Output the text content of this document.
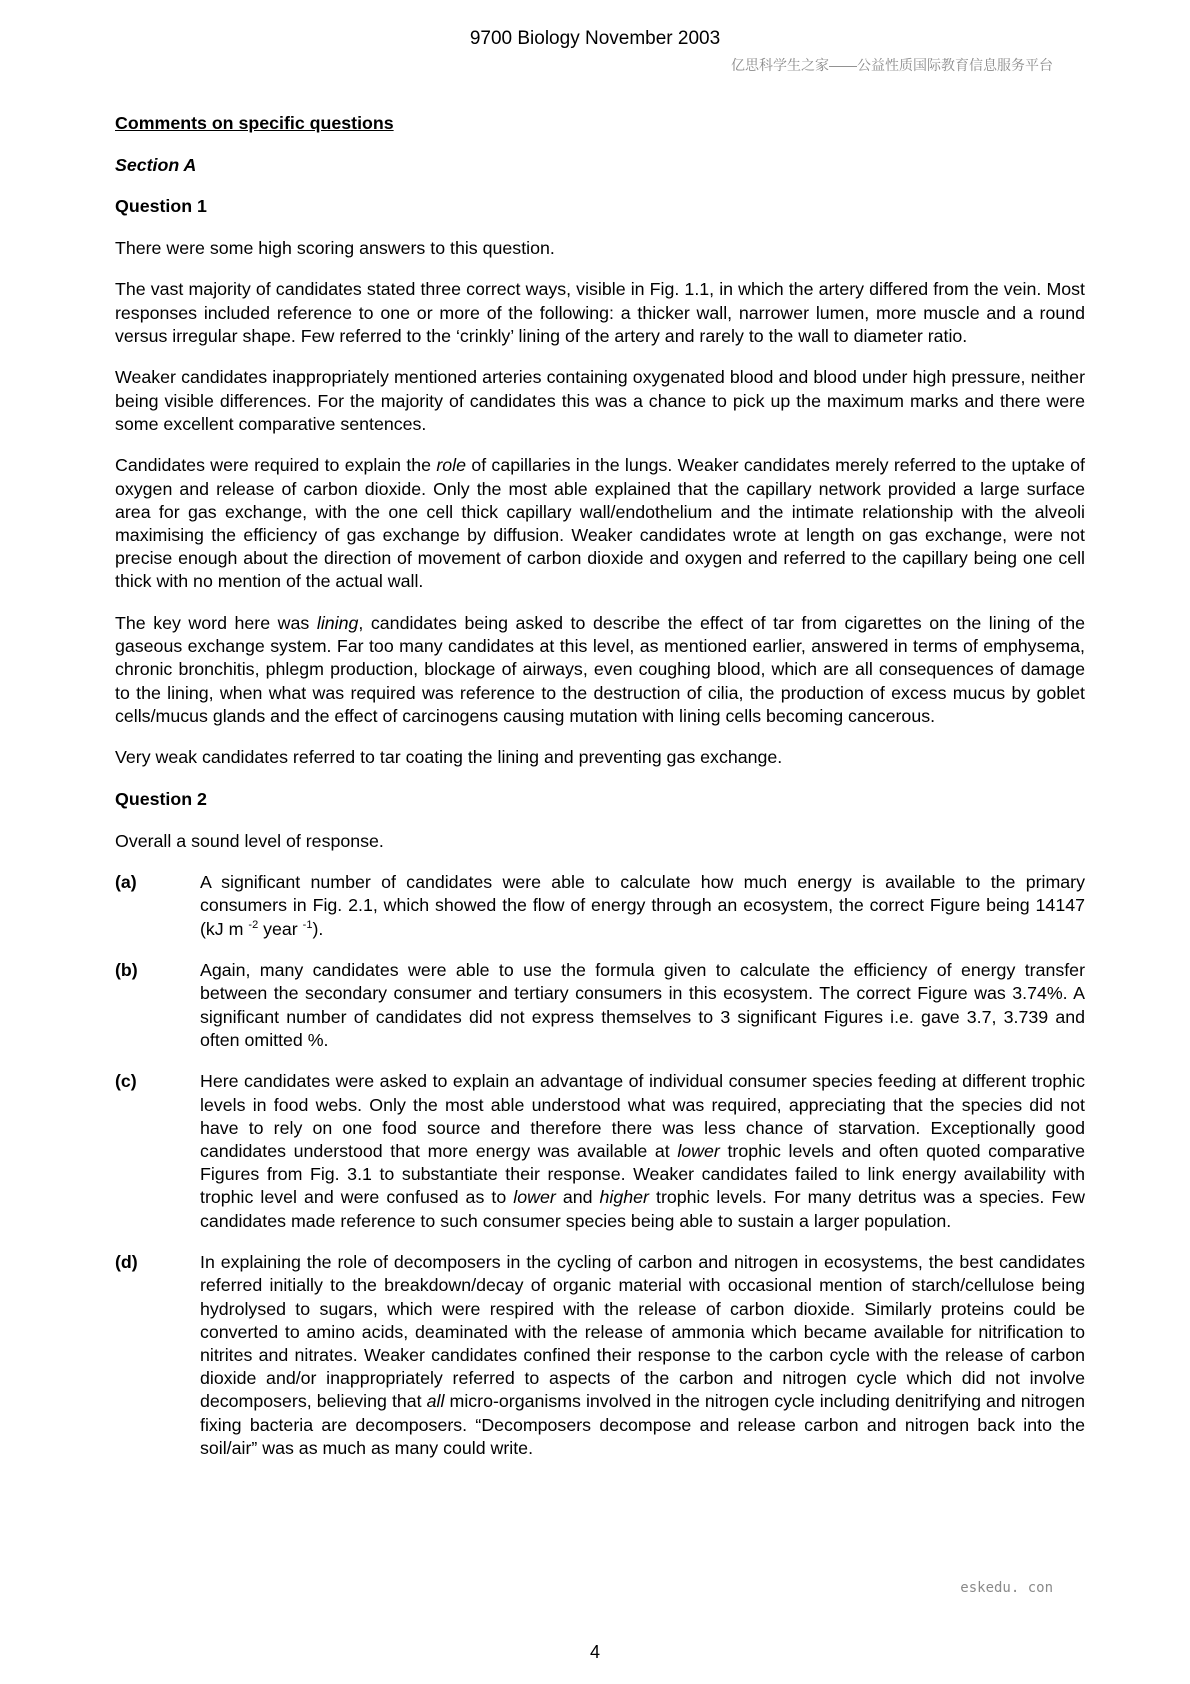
9700 Biology November 2003
亿思科学生之家——公益性质国际教育信息服务平台

Comments on specific questions

Section A

Question 1

There were some high scoring answers to this question.

The vast majority of candidates stated three correct ways, visible in Fig. 1.1, in which the artery differed from the vein. Most responses included reference to one or more of the following: a thicker wall, narrower lumen, more muscle and a round versus irregular shape. Few referred to the ‘crinkly’ lining of the artery and rarely to the wall to diameter ratio.

Weaker candidates inappropriately mentioned arteries containing oxygenated blood and blood under high pressure, neither being visible differences. For the majority of candidates this was a chance to pick up the maximum marks and there were some excellent comparative sentences.

Candidates were required to explain the role of capillaries in the lungs. Weaker candidates merely referred to the uptake of oxygen and release of carbon dioxide. Only the most able explained that the capillary network provided a large surface area for gas exchange, with the one cell thick capillary wall/endothelium and the intimate relationship with the alveoli maximising the efficiency of gas exchange by diffusion. Weaker candidates wrote at length on gas exchange, were not precise enough about the direction of movement of carbon dioxide and oxygen and referred to the capillary being one cell thick with no mention of the actual wall.

The key word here was lining, candidates being asked to describe the effect of tar from cigarettes on the lining of the gaseous exchange system. Far too many candidates at this level, as mentioned earlier, answered in terms of emphysema, chronic bronchitis, phlegm production, blockage of airways, even coughing blood, which are all consequences of damage to the lining, when what was required was reference to the destruction of cilia, the production of excess mucus by goblet cells/mucus glands and the effect of carcinogens causing mutation with lining cells becoming cancerous.

Very weak candidates referred to tar coating the lining and preventing gas exchange.

Question 2

Overall a sound level of response.

(a)	A significant number of candidates were able to calculate how much energy is available to the primary consumers in Fig. 2.1, which showed the flow of energy through an ecosystem, the correct Figure being 14147 (kJ m $^{-2}$ year $^{-1}$).
(b)	Again, many candidates were able to use the formula given to calculate the efficiency of energy transfer between the secondary consumer and tertiary consumers in this ecosystem. The correct Figure was 3.74%. A significant number of candidates did not express themselves to 3 significant Figures i.e. gave 3.7, 3.739 and often omitted %.
(c)	Here candidates were asked to explain an advantage of individual consumer species feeding at different trophic levels in food webs. Only the most able understood what was required, appreciating that the species did not have to rely on one food source and therefore there was less chance of starvation. Exceptionally good candidates understood that more energy was available at lower trophic levels and often quoted comparative Figures from Fig. 3.1 to substantiate their response. Weaker candidates failed to link energy availability with trophic level and were confused as to lower and higher trophic levels. For many detritus was a species. Few candidates made reference to such consumer species being able to sustain a larger population.
(d)	In explaining the role of decomposers in the cycling of carbon and nitrogen in ecosystems, the best candidates referred initially to the breakdown/decay of organic material with occasional mention of starch/cellulose being hydrolysed to sugars, which were respired with the release of carbon dioxide. Similarly proteins could be converted to amino acids, deaminated with the release of ammonia which became available for nitrification to nitrites and nitrates. Weaker candidates confined their response to the carbon cycle with the release of carbon dioxide and/or inappropriately referred to aspects of the carbon and nitrogen cycle which did not involve decomposers, believing that all micro-organisms involved in the nitrogen cycle including denitrifying and nitrogen fixing bacteria are decomposers. “Decomposers decompose and release carbon and nitrogen back into the soil/air” was as much as many could write.
eskedu. con
4
